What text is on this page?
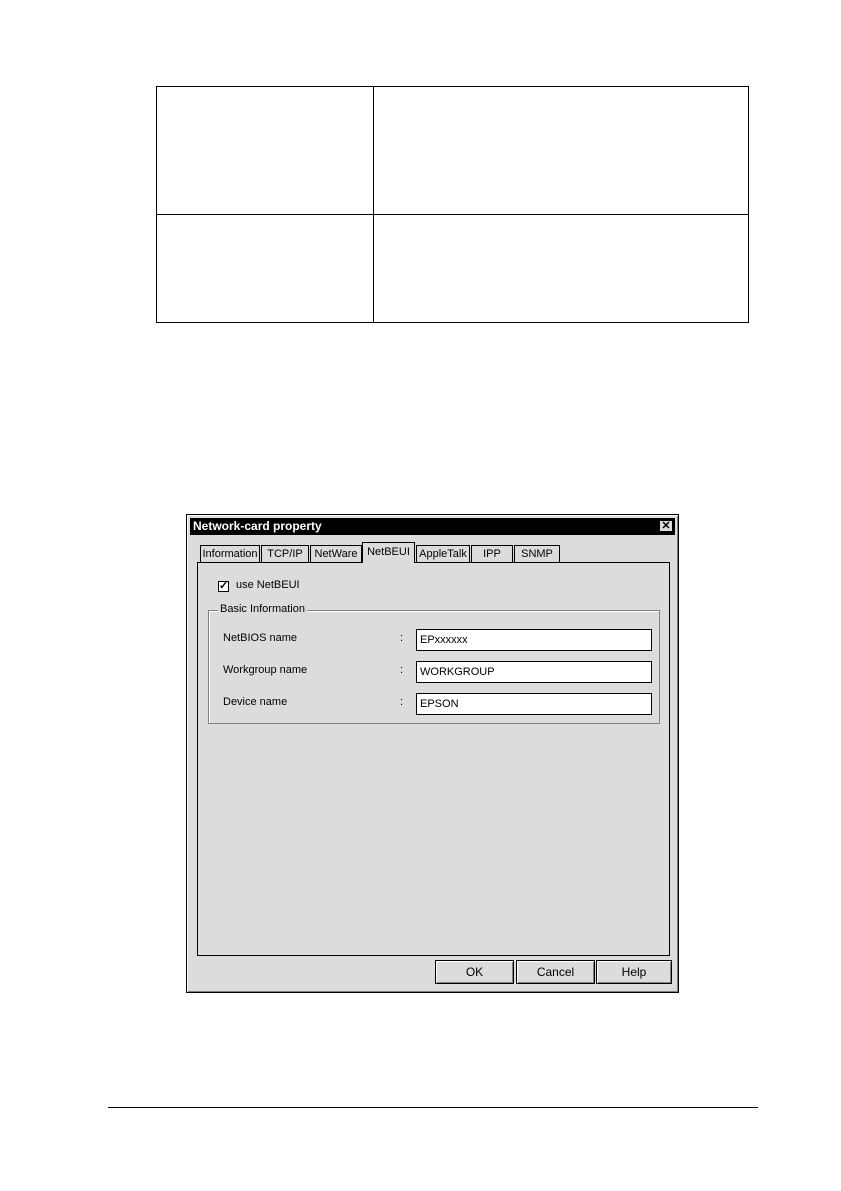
Network-card property	✕
Information TCP/IP	NetWare NetBEUI AppleTalk	IPP	SNMP
✓ use NetBEUI
Basic Information
NetBIOS name	:	EPxxxxxx
Workgroup name	:	WORKGROUP
Device name	:	EPSON
OK	Cancel	Help
